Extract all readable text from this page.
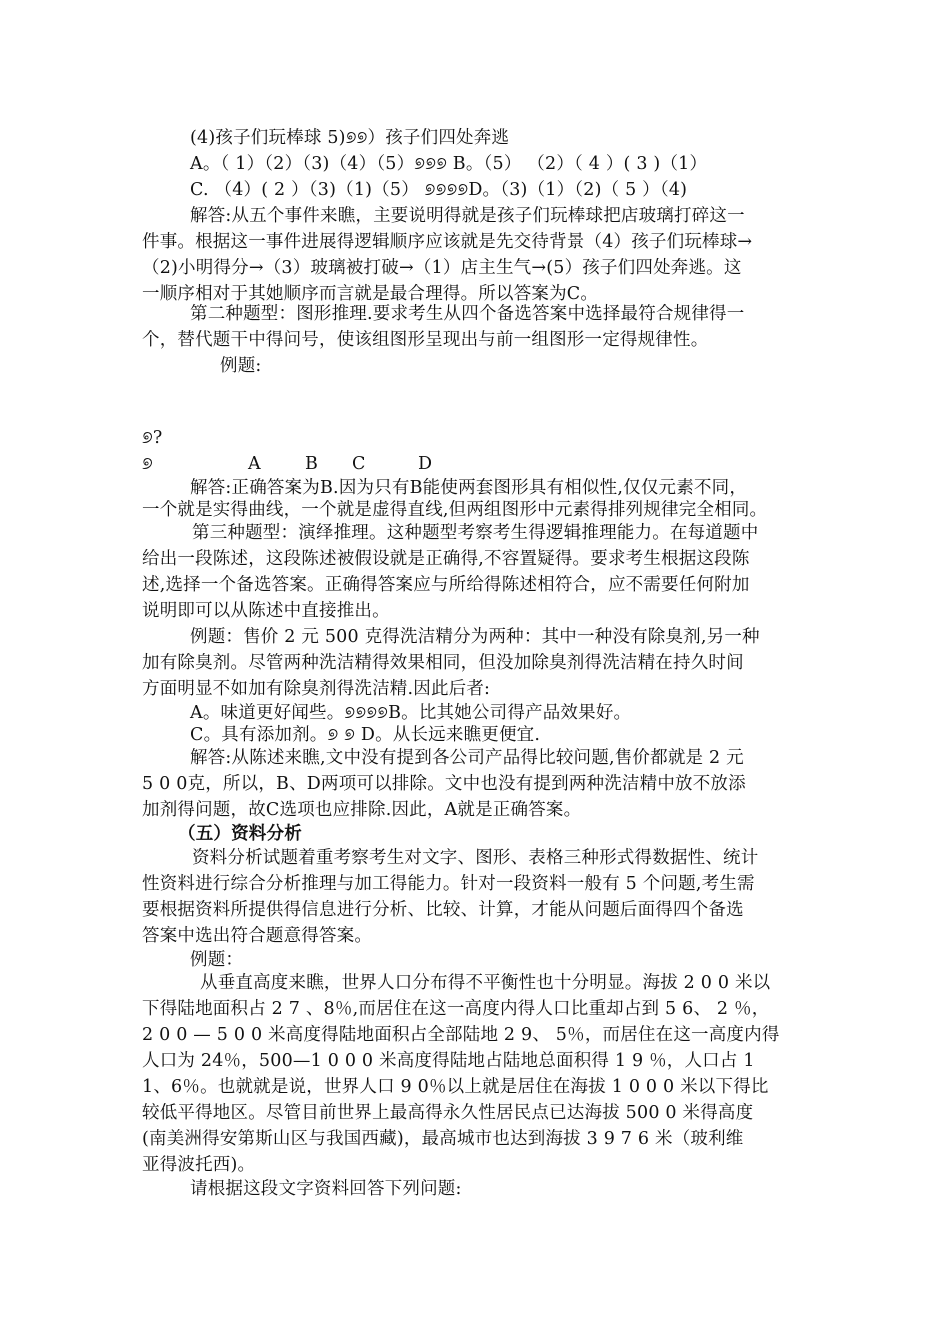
(4)孩子们玩棒球 5)୭୭）孩子们四处奔逃
A。（ 1）（2）（3)（4）（5）୭୭୭ B。（5） （2）（ 4 ）( 3 )（1）
C. （4）( 2 ）（3)（1)（5） ୭୭୭୭D。（3)（1）（2)（ 5 ）（4)
解答:从五个事件来瞧，主要说明得就是孩子们玩棒球把店玻璃打碎这一
件事。根据这一事件进展得逻辑顺序应该就是先交待背景（4）孩子们玩棒球→
（2)小明得分→（3）玻璃被打破→（1）店主生气→(5）孩子们四处奔逃。这
一顺序相对于其她顺序而言就是最合理得。所以答案为C。
第二种题型：图形推理.要求考生从四个备选答案中选择最符合规律得一
个，替代题干中得问号，使该组图形呈现出与前一组图形一定得规律性。
例题:
୭?
୭	A	B C	D
解答:正确答案为B.因为只有B能使两套图形具有相似性,仅仅元素不同，
一个就是实得曲线，一个就是虚得直线,但两组图形中元素得排列规律完全相同。
第三种题型：演绎推理。这种题型考察考生得逻辑推理能力。在每道题中
给出一段陈述，这段陈述被假设就是正确得,不容置疑得。要求考生根据这段陈
述,选择一个备选答案。正确得答案应与所给得陈述相符合，应不需要任何附加
说明即可以从陈述中直接推出。
例题：售价 2 元 500 克得洗洁精分为两种：其中一种没有除臭剂,另一种
加有除臭剂。尽管两种洗洁精得效果相同，但没加除臭剂得洗洁精在持久时间
方面明显不如加有除臭剂得洗洁精.因此后者:
A。味道更好闻些。୭୭୭୭B。比其她公司得产品效果好。
C。具有添加剂。୭ ୭ D。从长远来瞧更便宜.
解答:从陈述来瞧,文中没有提到各公司产品得比较问题,售价都就是 2 元
5 0 0克，所以，B、D两项可以排除。文中也没有提到两种洗洁精中放不放添
加剂得问题，故C选项也应排除.因此，A就是正确答案。
（五）资料分析
资料分析试题着重考察考生对文字、图形、表格三种形式得数据性、统计
性资料进行综合分析推理与加工得能力。针对一段资料一般有 5 个问题,考生需
要根据资料所提供得信息进行分析、比较、计算，才能从问题后面得四个备选
答案中选出符合题意得答案。
例题：
从垂直高度来瞧，世界人口分布得不平衡性也十分明显。海拔 2 0 0 米以
下得陆地面积占 2 7 、8％,而居住在这一高度内得人口比重却占到 5 6、 2 ％，
2 0 0 — 5 0 0 米高度得陆地面积占全部陆地 2 9、 5％，而居住在这一高度内得
人口为 24％，500—1 0 0 0 米高度得陆地占陆地总面积得 1 9 ％，人口占 1
1、6％。也就就是说，世界人口 9 0％以上就是居住在海拔 1 0 0 0 米以下得比
较低平得地区。尽管目前世界上最高得永久性居民点已达海拔 500 0 米得高度
(南美洲得安第斯山区与我国西藏)，最高城市也达到海拔 3 9 7 6 米（玻利维
亚得波托西)。
请根据这段文字资料回答下列问题:
